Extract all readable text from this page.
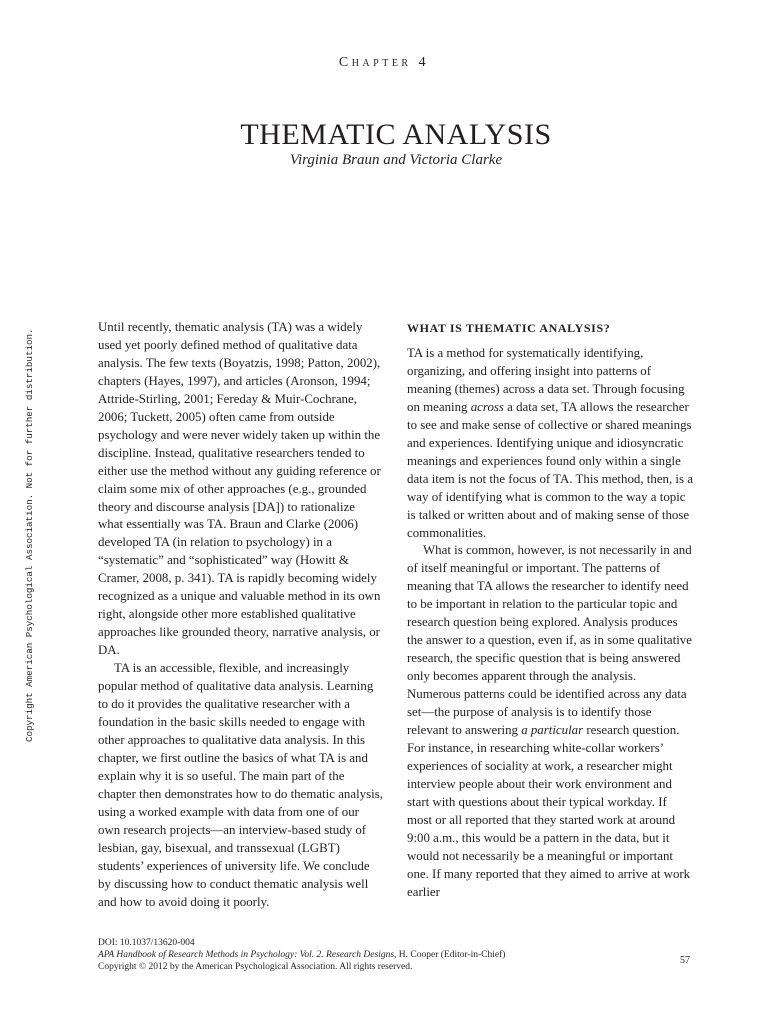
Chapter 4
THEMATIC ANALYSIS
Virginia Braun and Victoria Clarke
Copyright American Psychological Association. Not for further distribution.

Until recently, thematic analysis (TA) was a widely used yet poorly defined method of qualitative data analysis. The few texts (Boyatzis, 1998; Patton, 2002), chapters (Hayes, 1997), and articles (Aronson, 1994; Attride-Stirling, 2001; Fereday & Muir-Cochrane, 2006; Tuckett, 2005) often came from outside psychology and were never widely taken up within the discipline. Instead, qualitative researchers tended to either use the method without any guiding reference or claim some mix of other approaches (e.g., grounded theory and discourse analysis [DA]) to rationalize what essentially was TA. Braun and Clarke (2006) developed TA (in relation to psychology) in a “systematic” and “sophisticated” way (Howitt & Cramer, 2008, p. 341). TA is rapidly becoming widely recognized as a unique and valuable method in its own right, alongside other more established qualitative approaches like grounded theory, narrative analysis, or DA.

TA is an accessible, flexible, and increasingly popular method of qualitative data analysis. Learning to do it provides the qualitative researcher with a foundation in the basic skills needed to engage with other approaches to qualitative data analysis. In this chapter, we first outline the basics of what TA is and explain why it is so useful. The main part of the chapter then demonstrates how to do thematic analysis, using a worked example with data from one of our own research projects—an interview-based study of lesbian, gay, bisexual, and transsexual (LGBT) students’ experiences of university life. We conclude by discussing how to conduct thematic analysis well and how to avoid doing it poorly.

WHAT IS THEMATIC ANALYSIS?

TA is a method for systematically identifying, organizing, and offering insight into patterns of meaning (themes) across a data set. Through focusing on meaning across a data set, TA allows the researcher to see and make sense of collective or shared meanings and experiences. Identifying unique and idiosyncratic meanings and experiences found only within a single data item is not the focus of TA. This method, then, is a way of identifying what is common to the way a topic is talked or written about and of making sense of those commonalities.

What is common, however, is not necessarily in and of itself meaningful or important. The patterns of meaning that TA allows the researcher to identify need to be important in relation to the particular topic and research question being explored. Analysis produces the answer to a question, even if, as in some qualitative research, the specific question that is being answered only becomes apparent through the analysis. Numerous patterns could be identified across any data set—the purpose of analysis is to identify those relevant to answering a particular research question. For instance, in researching white-collar workers’ experiences of sociality at work, a researcher might interview people about their work environment and start with questions about their typical workday. If most or all reported that they started work at around 9:00 a.m., this would be a pattern in the data, but it would not necessarily be a meaningful or important one. If many reported that they aimed to arrive at work earlier

DOI: 10.1037/13620-004
APA Handbook of Research Methods in Psychology: Vol. 2. Research Designs, H. Cooper (Editor-in-Chief)
Copyright © 2012 by the American Psychological Association. All rights reserved.
57
